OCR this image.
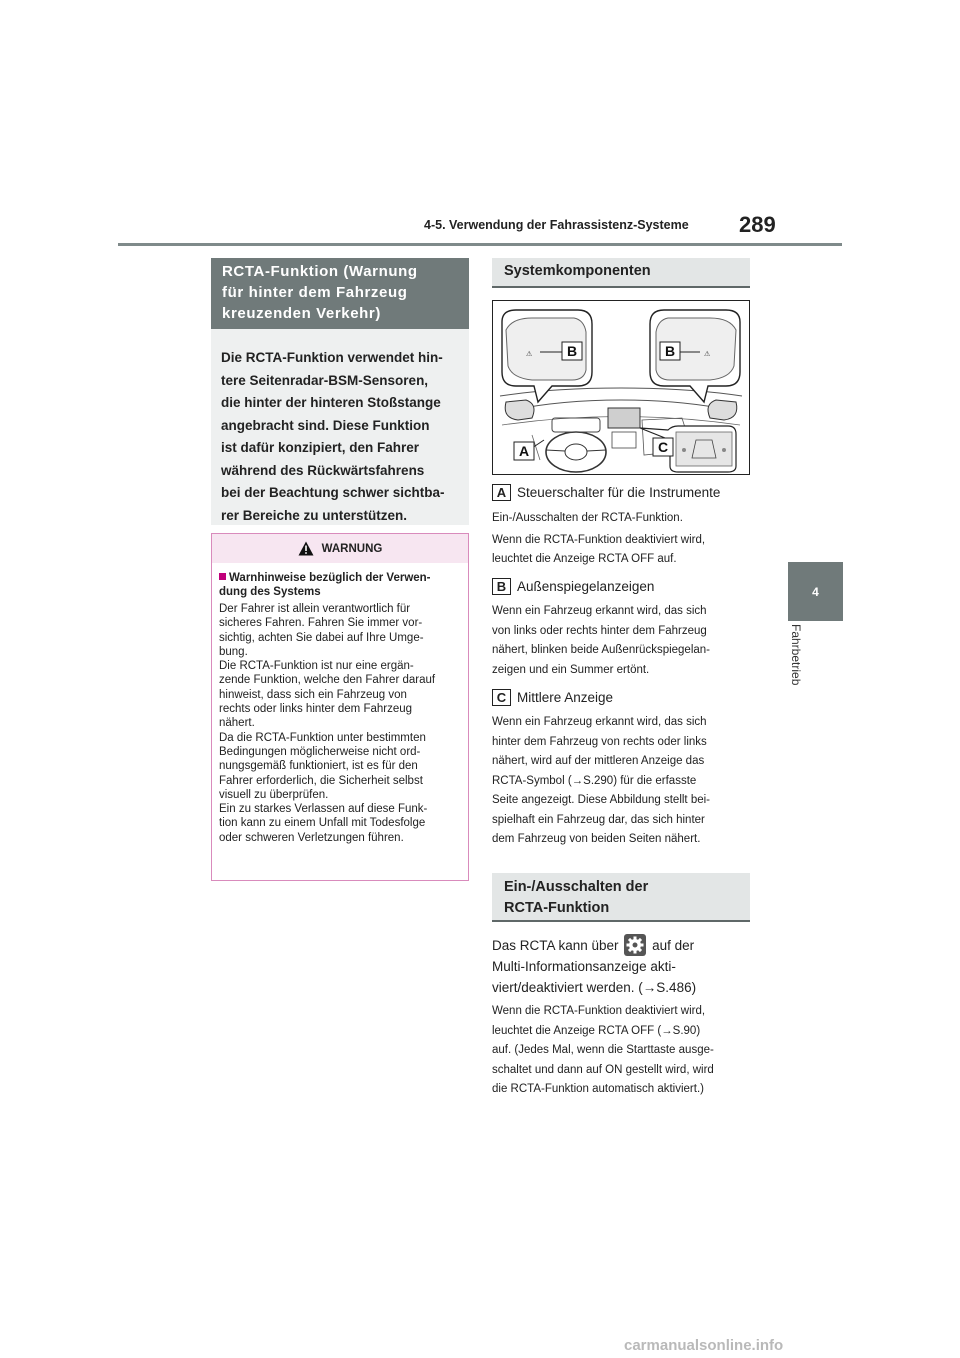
4-5. Verwendung der Fahrassistenz-Systeme 289
4
Fahrbetrieb
RCTA-Funktion (Warnung
für hinter dem Fahrzeug
kreuzenden Verkehr)
Die RCTA-Funktion verwendet hin-
tere Seitenradar-BSM-Sensoren,
die hinter der hinteren Stoßstange
angebracht sind. Diese Funktion
ist dafür konzipiert, den Fahrer
während des Rückwärtsfahrens
bei der Beachtung schwer sichtba-
rer Bereiche zu unterstützen.
WARNUNG
Warnhinweise bezüglich der Verwen-
dung des Systems
Der Fahrer ist allein verantwortlich für
sicheres Fahren. Fahren Sie immer vor-
sichtig, achten Sie dabei auf Ihre Umge-
bung.
Die RCTA-Funktion ist nur eine ergän-
zende Funktion, welche den Fahrer darauf
hinweist, dass sich ein Fahrzeug von
rechts oder links hinter dem Fahrzeug
nähert.
Da die RCTA-Funktion unter bestimmten
Bedingungen möglicherweise nicht ord-
nungsgemäß funktioniert, ist es für den
Fahrer erforderlich, die Sicherheit selbst
visuell zu überprüfen.
Ein zu starkes Verlassen auf diese Funk-
tion kann zu einem Unfall mit Todesfolge
oder schweren Verletzungen führen.
Systemkomponenten
⚠ B	B	⚠
C
A
A Steuerschalter für die Instrumente
Ein-/Ausschalten der RCTA-Funktion.
Wenn die RCTA-Funktion deaktiviert wird,
leuchtet die Anzeige RCTA OFF auf.
B Außenspiegelanzeigen
Wenn ein Fahrzeug erkannt wird, das sich
von links oder rechts hinter dem Fahrzeug
nähert, blinken beide Außenrückspiegelan-
zeigen und ein Summer ertönt.
C Mittlere Anzeige
Wenn ein Fahrzeug erkannt wird, das sich
hinter dem Fahrzeug von rechts oder links
nähert, wird auf der mittleren Anzeige das
RCTA-Symbol (→S.290) für die erfasste
Seite angezeigt. Diese Abbildung stellt bei-
spielhaft ein Fahrzeug dar, das sich hinter
dem Fahrzeug von beiden Seiten nähert.
Ein-/Ausschalten der
RCTA-Funktion
Das RCTA kann über auf der
Multi-Informationsanzeige akti-
viert/deaktiviert werden. (→S.486)
Wenn die RCTA-Funktion deaktiviert wird,
leuchtet die Anzeige RCTA OFF (→S.90)
auf. (Jedes Mal, wenn die Starttaste ausge-
schaltet und dann auf ON gestellt wird, wird
die RCTA-Funktion automatisch aktiviert.)
carmanualsonline.info
